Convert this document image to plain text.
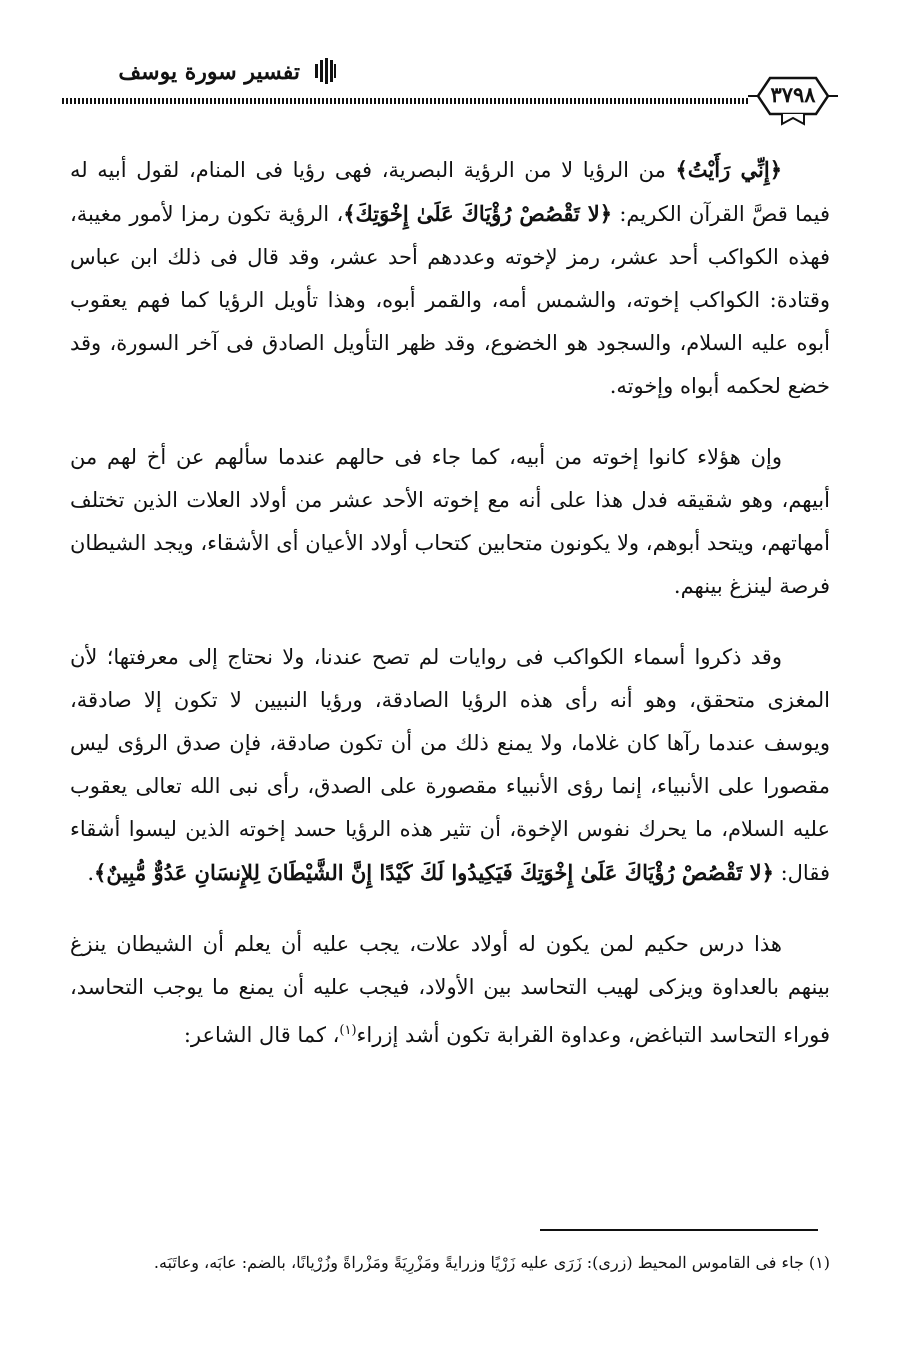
تفسير سورة يوسف
٣٧٩٨

﴿إِنِّي رَأَيْتُ﴾ من الرؤيا لا من الرؤية البصرية، فهى رؤيا فى المنام، لقول أبيه له فيما قصَّ القرآن الكريم: ﴿لا تَقْصُصْ رُؤْيَاكَ عَلَىٰ إِخْوَتِكَ﴾، الرؤية تكون رمزا لأمور مغيبة، فهذه الكواكب أحد عشر، رمز لإخوته وعددهم أحد عشر، وقد قال فى ذلك ابن عباس وقتادة: الكواكب إخوته، والشمس أمه، والقمر أبوه، وهذا تأويل الرؤيا كما فهم يعقوب أبوه عليه السلام، والسجود هو الخضوع، وقد ظهر التأويل الصادق فى آخر السورة، وقد خضع لحكمه أبواه وإخوته.

وإن هؤلاء كانوا إخوته من أبيه، كما جاء فى حالهم عندما سألهم عن أخ لهم من أبيهم، وهو شقيقه فدل هذا على أنه مع إخوته الأحد عشر من أولاد العلات الذين تختلف أمهاتهم، ويتحد أبوهم، ولا يكونون متحابين كتحاب أولاد الأعيان أى الأشقاء، ويجد الشيطان فرصة لينزغ بينهم.

وقد ذكروا أسماء الكواكب فى روايات لم تصح عندنا، ولا نحتاج إلى معرفتها؛ لأن المغزى متحقق، وهو أنه رأى هذه الرؤيا الصادقة، ورؤيا النبيين لا تكون إلا صادقة، ويوسف عندما رآها كان غلاما، ولا يمنع ذلك من أن تكون صادقة، فإن صدق الرؤى ليس مقصورا على الأنبياء، إنما رؤى الأنبياء مقصورة على الصدق، رأى نبى الله تعالى يعقوب عليه السلام، ما يحرك نفوس الإخوة، أن تثير هذه الرؤيا حسد إخوته الذين ليسوا أشقاء فقال: ﴿لا تَقْصُصْ رُؤْيَاكَ عَلَىٰ إِخْوَتِكَ فَيَكِيدُوا لَكَ كَيْدًا إِنَّ الشَّيْطَانَ لِلإِنسَانِ عَدُوٌّ مُّبِينٌ﴾.

هذا درس حكيم لمن يكون له أولاد علات، يجب عليه أن يعلم أن الشيطان ينزغ بينهم بالعداوة ويزكى لهيب التحاسد بين الأولاد، فيجب عليه أن يمنع ما يوجب التحاسد، فوراء التحاسد التباغض، وعداوة القرابة تكون أشد إزراء$^{(١)}$، كما قال الشاعر:

(١) جاء فى القاموس المحيط (زرى): زَرَى عليه زَرْيًا وزرايةً ومَزْرِيَةً ومَزْراةً وزُرْيانًا، بالضم: عابَه، وعاتَبَه.
